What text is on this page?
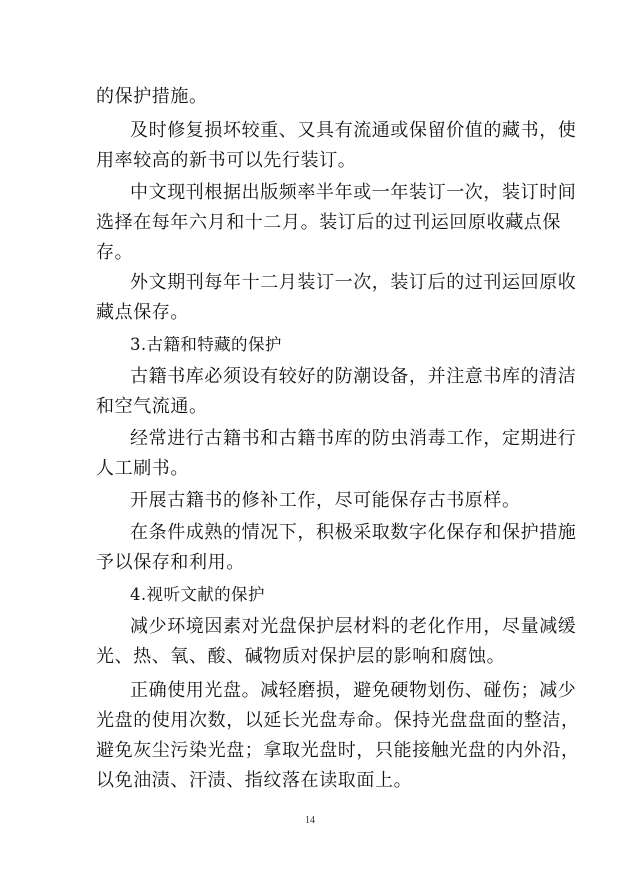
的保护措施。
及时修复损坏较重、又具有流通或保留价值的藏书，使
用率较高的新书可以先行装订。
中文现刊根据出版频率半年或一年装订一次，装订时间
选择在每年六月和十二月。装订后的过刊运回原收藏点保
存。
外文期刊每年十二月装订一次，装订后的过刊运回原收
藏点保存。
3.古籍和特藏的保护
古籍书库必须设有较好的防潮设备，并注意书库的清洁
和空气流通。
经常进行古籍书和古籍书库的防虫消毒工作，定期进行
人工刷书。
开展古籍书的修补工作，尽可能保存古书原样。
在条件成熟的情况下，积极采取数字化保存和保护措施
予以保存和利用。
4.视听文献的保护
减少环境因素对光盘保护层材料的老化作用，尽量减缓
光、热、氧、酸、碱物质对保护层的影响和腐蚀。
正确使用光盘。减轻磨损，避免硬物划伤、碰伤；减少
光盘的使用次数，以延长光盘寿命。保持光盘盘面的整洁，
避免灰尘污染光盘；拿取光盘时，只能接触光盘的内外沿，
以免油渍、汗渍、指纹落在读取面上。
14
